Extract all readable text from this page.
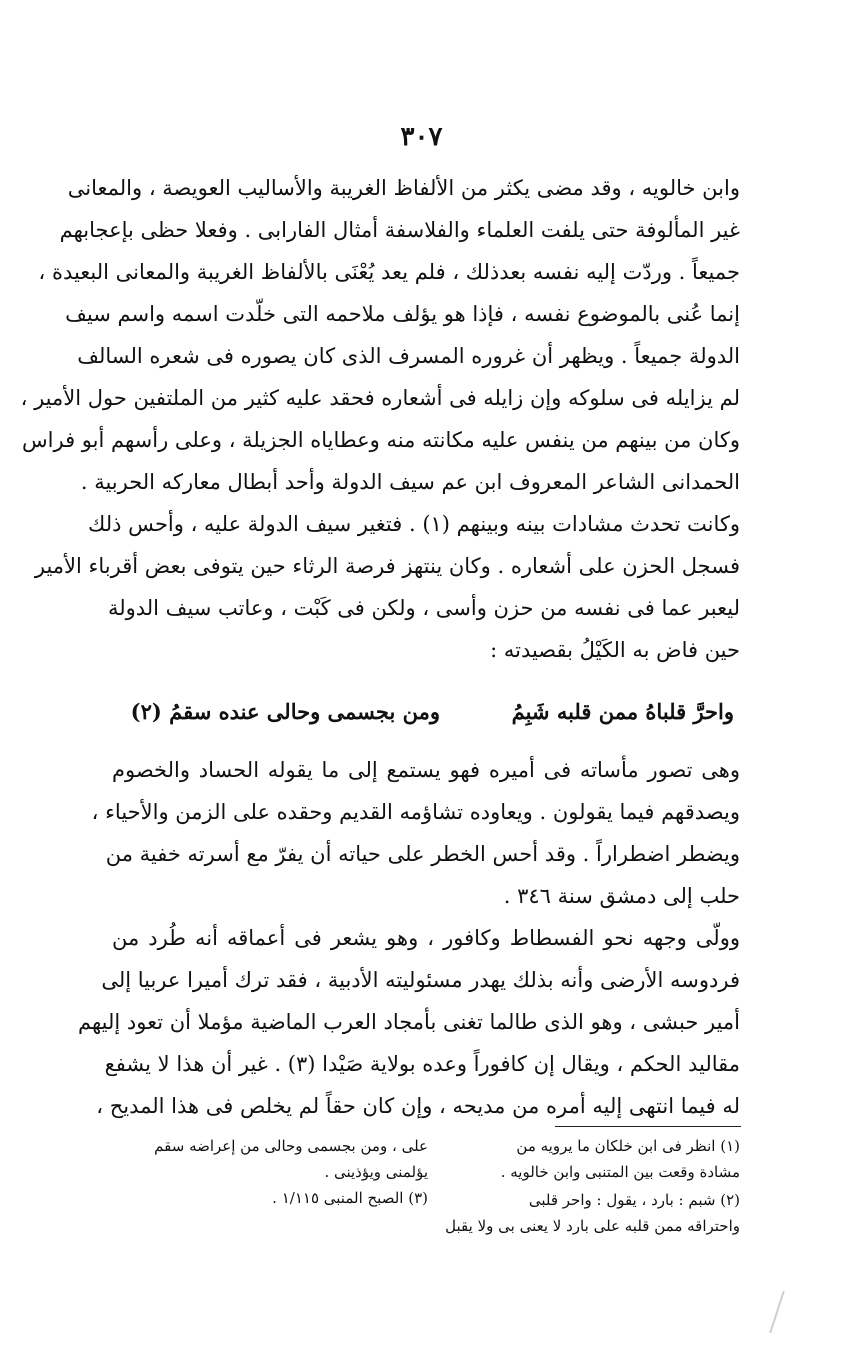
٣٠٧
وابن خالويه ، وقد مضى يكثر من الألفاظ الغريبة والأساليب العويصة ، والمعانى
غير المألوفة حتى يلفت العلماء والفلاسفة أمثال الفارابى . وفعلا حظى بإعجابهم
جميعاً . وردّت إليه نفسه بعدذلك ، فلم يعد يُعْنَى بالألفاظ الغريبة والمعانى البعيدة ،
إنما عُنى بالموضوع نفسه ، فإذا هو يؤلف ملاحمه التى خلّدت اسمه واسم سيف
الدولة جميعاً . ويظهر أن غروره المسرف الذى كان يصوره فى شعره السالف
لم يزايله فى سلوكه وإن زايله فى أشعاره فحقد عليه كثير من الملتفين حول الأمير ،
وكان من بينهم من ينفس عليه مكانته منه وعطاياه الجزيلة ، وعلى رأسهم أبو فراس
الحمدانى الشاعر المعروف ابن عم سيف الدولة وأحد أبطال معاركه الحربية .
وكانت تحدث مشادات بينه وبينهم (١) . فتغير سيف الدولة عليه ، وأحس ذلك
فسجل الحزن على أشعاره . وكان ينتهز فرصة الرثاء حين يتوفى بعض أقرباء الأمير
ليعبر عما فى نفسه من حزن وأسى ، ولكن فى كَبْت ، وعاتب سيف الدولة
حين فاض به الكَيْلُ بقصيدته :
واحرَّ قلباهُ ممن قلبه شَبِمُ
ومن بجسمى وحالى عنده سقمُ (٢)
وهى تصور مأساته فى أميره فهو يستمع إلى ما يقوله الحساد والخصوم
ويصدقهم فيما يقولون . ويعاوده تشاؤمه القديم وحقده على الزمن والأحياء ،
ويضطر اضطراراً . وقد أحس الخطر على حياته أن يفرّ مع أسرته خفية من
حلب إلى دمشق سنة ٣٤٦ .
وولّى وجهه نحو الفسطاط وكافور ، وهو يشعر فى أعماقه أنه طُرد من
فردوسه الأرضى وأنه بذلك يهدر مسئوليته الأدبية ، فقد ترك أميرا عربيا إلى
أمير حبشى ، وهو الذى طالما تغنى بأمجاد العرب الماضية مؤملا أن تعود إليهم
مقاليد الحكم ، ويقال إن كافوراً وعده بولاية صَيْدا (٣) . غير أن هذا لا يشفع
له فيما انتهى إليه أمره من مديحه ، وإن كان حقاً لم يخلص فى هذا المديح ،
(١) انظر فى ابن خلكان ما يرويه من
مشادة وقعت بين المتنبى وابن خالويه .
(٢) شبم : بارد ، يقول : واحر قلبى
واحتراقه ممن قلبه على بارد لا يعنى بى ولا يقبل
على ، ومن بجسمى وحالى من إعراضه سقم
يؤلمنى ويؤذينى .
(٣) الصبح المنبى ١/١١٥ .
